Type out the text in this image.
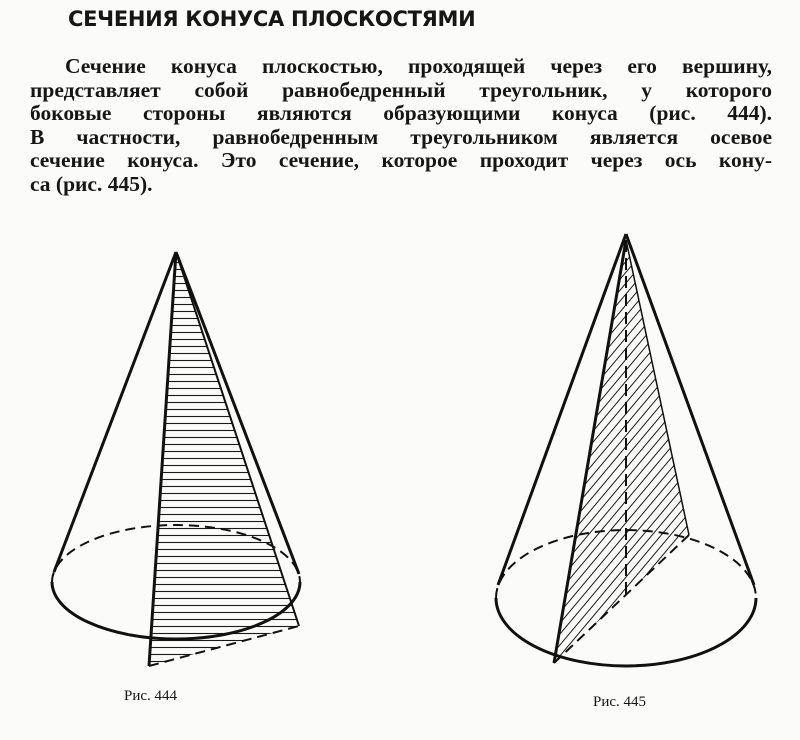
СЕЧЕНИЯ КОНУСА ПЛОСКОСТЯМИ
Сечение конуса плоскостью, проходящей через его вершину,
представляет собой равнобедренный треугольник, у которого
боковые стороны являются образующими конуса (рис. 444).
В частности, равнобедренным треугольником является осевое
сечение конуса. Это сечение, которое проходит через ось кону-
са (рис. 445).
Рис. 444	Рис. 445
